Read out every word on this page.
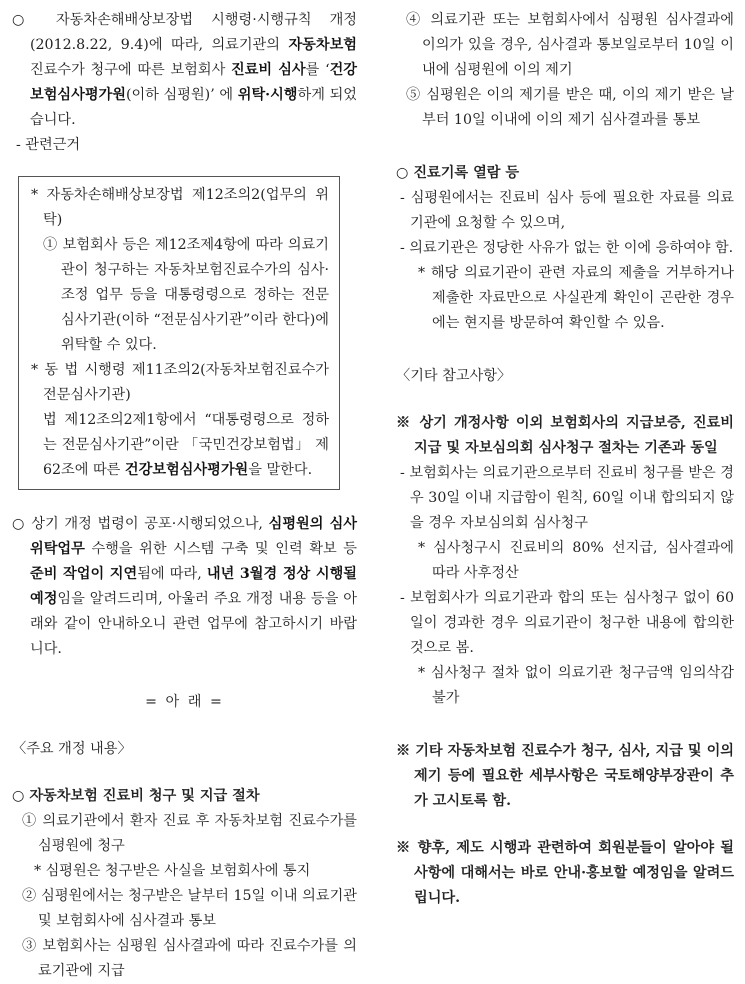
○ 자동차손해배상보장법 시행령·시행규칙 개정(2012.8.22, 9.4)에 따라, 의료기관의 자동차보험 진료수가 청구에 따른 보험회사 진료비 심사를 ‘건강보험심사평가원(이하 심평원)’ 에 위탁·시행하게 되었습니다.

- 관련근거

* 자동차손해배상보장법 제12조의2(업무의 위탁)

① 보험회사 등은 제12조제4항에 따라 의료기관이 청구하는 자동차보험진료수가의 심사·조정 업무 등을 대통령령으로 정하는 전문심사기관(이하 “전문심사기관”이라 한다)에 위탁할 수 있다.

* 동 법 시행령 제11조의2(자동차보험진료수가 전문심사기관)

법 제12조의2제1항에서 “대통령령으로 정하는 전문심사기관”이란 「국민건강보험법」 제62조에 따른 건강보험심사평가원을 말한다.

○ 상기 개정 법령이 공포·시행되었으나, 심평원의 심사위탁업무 수행을 위한 시스템 구축 및 인력 확보 등 준비 작업이 지연됨에 따라, 내년 3월경 정상 시행될 예정임을 알려드리며, 아울러 주요 개정 내용 등을 아래와 같이 안내하오니 관련 업무에 참고하시기 바랍니다.

= 아 래 =

〈주요 개정 내용〉

○ 자동차보험 진료비 청구 및 지급 절차

① 의료기관에서 환자 진료 후 자동차보험 진료수가를 심평원에 청구

* 심평원은 청구받은 사실을 보험회사에 통지

② 심평원에서는 청구받은 날부터 15일 이내 의료기관 및 보험회사에 심사결과 통보

③ 보험회사는 심평원 심사결과에 따라 진료수가를 의료기관에 지급

④ 의료기관 또는 보험회사에서 심평원 심사결과에 이의가 있을 경우, 심사결과 통보일로부터 10일 이내에 심평원에 이의 제기

⑤ 심평원은 이의 제기를 받은 때, 이의 제기 받은 날부터 10일 이내에 이의 제기 심사결과를 통보

○ 진료기록 열람 등

- 심평원에서는 진료비 심사 등에 필요한 자료를 의료기관에 요청할 수 있으며,

- 의료기관은 정당한 사유가 없는 한 이에 응하여야 함.

* 해당 의료기관이 관련 자료의 제출을 거부하거나 제출한 자료만으로 사실관계 확인이 곤란한 경우에는 현지를 방문하여 확인할 수 있음.

〈기타 참고사항〉

※ 상기 개정사항 이외 보험회사의 지급보증, 진료비 지급 및 자보심의회 심사청구 절차는 기존과 동일

- 보험회사는 의료기관으로부터 진료비 청구를 받은 경우 30일 이내 지급함이 원칙, 60일 이내 합의되지 않을 경우 자보심의회 심사청구

* 심사청구시 진료비의 80% 선지급, 심사결과에 따라 사후정산

- 보험회사가 의료기관과 합의 또는 심사청구 없이 60일이 경과한 경우 의료기관이 청구한 내용에 합의한 것으로 봄.

* 심사청구 절차 없이 의료기관 청구금액 임의삭감 불가

※ 기타 자동차보험 진료수가 청구, 심사, 지급 및 이의 제기 등에 필요한 세부사항은 국토해양부장관이 추가 고시토록 함.

※ 향후, 제도 시행과 관련하여 회원분들이 알아야 될 사항에 대해서는 바로 안내·홍보할 예정임을 알려드립니다.
